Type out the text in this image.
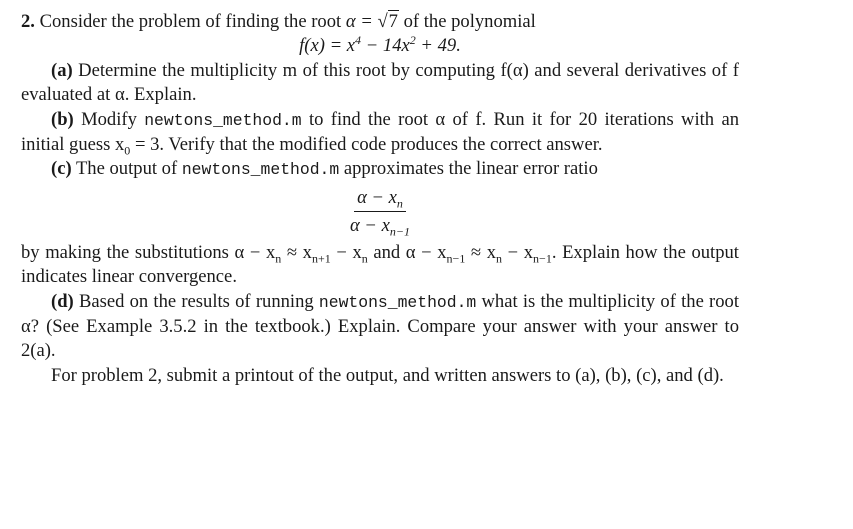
2. Consider the problem of finding the root α = √7 of the polynomial

$f(x) = x^4 - 14x^2 + 49$.

(a) Determine the multiplicity m of this root by computing f(α) and several derivatives of f evaluated at α. Explain.

(b) Modify newtons_method.m to find the root α of f. Run it for 20 iterations with an initial guess $x_0 = 3$. Verify that the modified code produces the correct answer.

(c) The output of newtons_method.m approximates the linear error ratio

$\frac{\alpha - x_n}{\alpha - x_{n-1}}$

by making the substitutions $\alpha - x_n \approx x_{n+1} - x_n$ and $\alpha - x_{n-1} \approx x_n - x_{n-1}$. Explain how the output indicates linear convergence.

(d) Based on the results of running newtons_method.m what is the multiplicity of the root α? (See Example 3.5.2 in the textbook.) Explain. Compare your answer with your answer to 2(a).

For problem 2, submit a printout of the output, and written answers to (a), (b), (c), and (d).
